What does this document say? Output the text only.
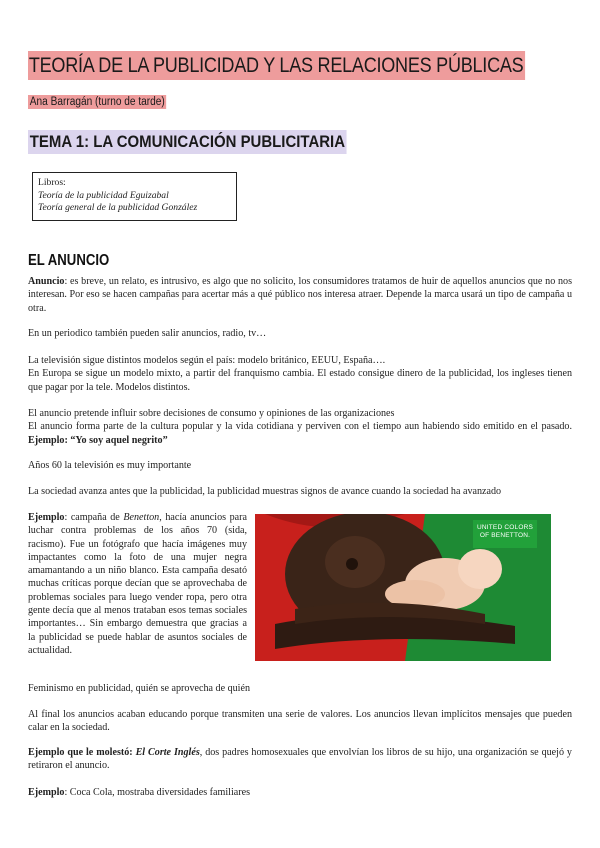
TEORÍA DE LA PUBLICIDAD Y LAS RELACIONES PÚBLICAS
Ana Barragán (turno de tarde)
TEMA 1: LA COMUNICACIÓN PUBLICITARIA
Libros:
Teoría de la publicidad Eguizabal
Teoría general de la publicidad González
EL ANUNCIO
Anuncio: es breve, un relato, es intrusivo, es algo que no solicito, los consumidores tratamos de huir de aquellos anuncios que no nos interesan. Por eso se hacen campañas para acertar más a qué público nos interesa atraer. Depende la marca usará un tipo de campaña u otra.
En un periodico también pueden salir anuncios, radio, tv…
La televisión sigue distintos modelos según el país: modelo británico, EEUU, España….
En Europa se sigue un modelo mixto, a partir del franquismo cambia. El estado consigue dinero de la publicidad, los ingleses tienen que pagar por la tele. Modelos distintos.
El anuncio pretende influir sobre decisiones de consumo y opiniones de las organizaciones
El anuncio forma parte de la cultura popular y la vida cotidiana y perviven con el tiempo aun habiendo sido emitido en el pasado. Ejemplo: “Yo soy aquel negrito”
Años 60 la televisión es muy importante
La sociedad avanza antes que la publicidad, la publicidad muestras signos de avance cuando la sociedad ha avanzado
Ejemplo: campaña de Benetton, hacía anuncios para luchar contra problemas de los años 70 (sida, racismo). Fue un fotógrafo que hacía imágenes muy impactantes como la foto de una mujer negra amamantando a un niño blanco. Esta campaña desató muchas críticas porque decían que se aprovechaba de problemas sociales para luego vender ropa, pero otra gente decía que al menos trataban esos temas sociales importantes… Sin embargo demuestra que gracias a la publicidad se puede hablar de asuntos sociales de actualidad.
UNITED COLORS
OF BENETTON.
Feminismo en publicidad, quién se aprovecha de quién
Al final los anuncios acaban educando porque transmiten una serie de valores. Los anuncios llevan implícitos mensajes que pueden calar en la sociedad.
Ejemplo que le molestó: El Corte Inglés, dos padres homosexuales que envolvían los libros de su hijo, una organización se quejó y retiraron el anuncio.
Ejemplo: Coca Cola, mostraba diversidades familiares
